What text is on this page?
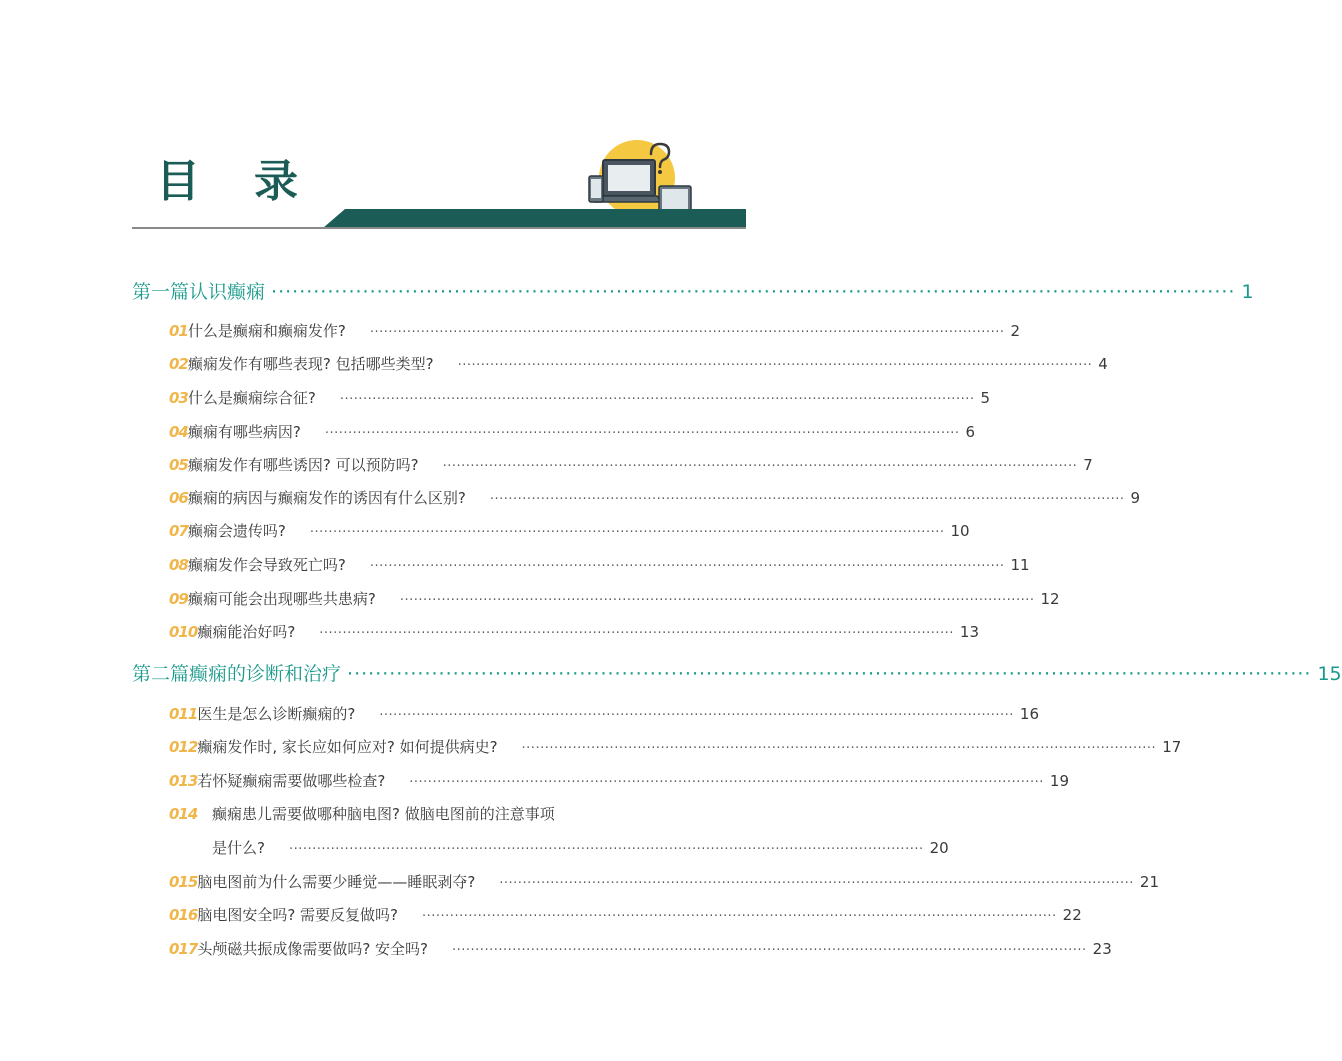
目录
第一篇 认识癫痫 ········································································································································· 1
01 什么是癫痫和癫痫发作? ········································································································································· 2
02 癫痫发作有哪些表现? 包括哪些类型? ········································································································································· 4
03 什么是癫痫综合征? ········································································································································· 5
04 癫痫有哪些病因? ········································································································································· 6
05 癫痫发作有哪些诱因? 可以预防吗? ········································································································································· 7
06 癫痫的病因与癫痫发作的诱因有什么区别? ········································································································································· 9
07 癫痫会遗传吗? ········································································································································· 10
08 癫痫发作会导致死亡吗? ········································································································································· 11
09 癫痫可能会出现哪些共患病? ········································································································································· 12
010 癫痫能治好吗? ········································································································································· 13
第二篇 癫痫的诊断和治疗 ········································································································································· 15
011 医生是怎么诊断癫痫的? ········································································································································· 16
012 癫痫发作时, 家长应如何应对? 如何提供病史? ········································································································································· 17
013 若怀疑癫痫需要做哪些检查? ········································································································································· 19
014 癫痫患儿需要做哪种脑电图? 做脑电图前的注意事项
是什么? ········································································································································· 20
015 脑电图前为什么需要少睡觉——睡眠剥夺? ········································································································································· 21
016 脑电图安全吗? 需要反复做吗? ········································································································································· 22
017 头颅磁共振成像需要做吗? 安全吗? ········································································································································· 23
